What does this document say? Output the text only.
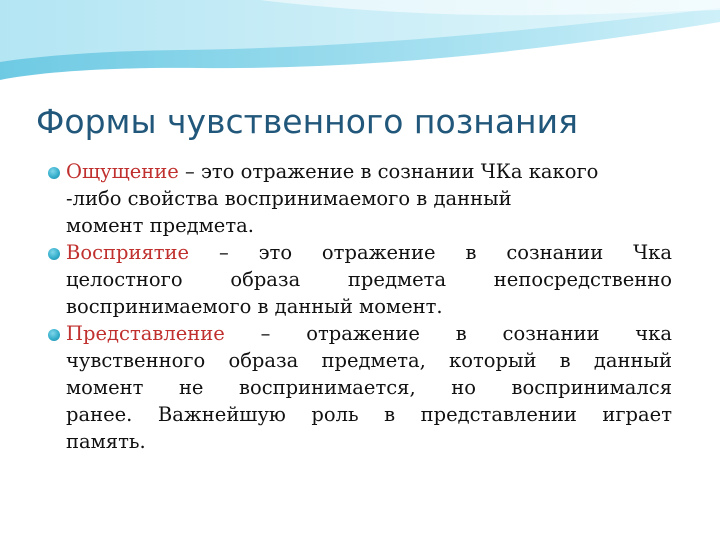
Формы чувственного познания
Ощущение – это отражение в сознании ЧКа какого
-либо свойства воспринимаемого в данный
момент предмета.
Восприятие – это отражение в сознании Чка
целостного образа предмета непосредственно
воспринимаемого в данный момент.
Представление – отражение в сознании чка
чувственного образа предмета, который в данный
момент не воспринимается, но воспринимался
ранее. Важнейшую роль в представлении играет
память.
